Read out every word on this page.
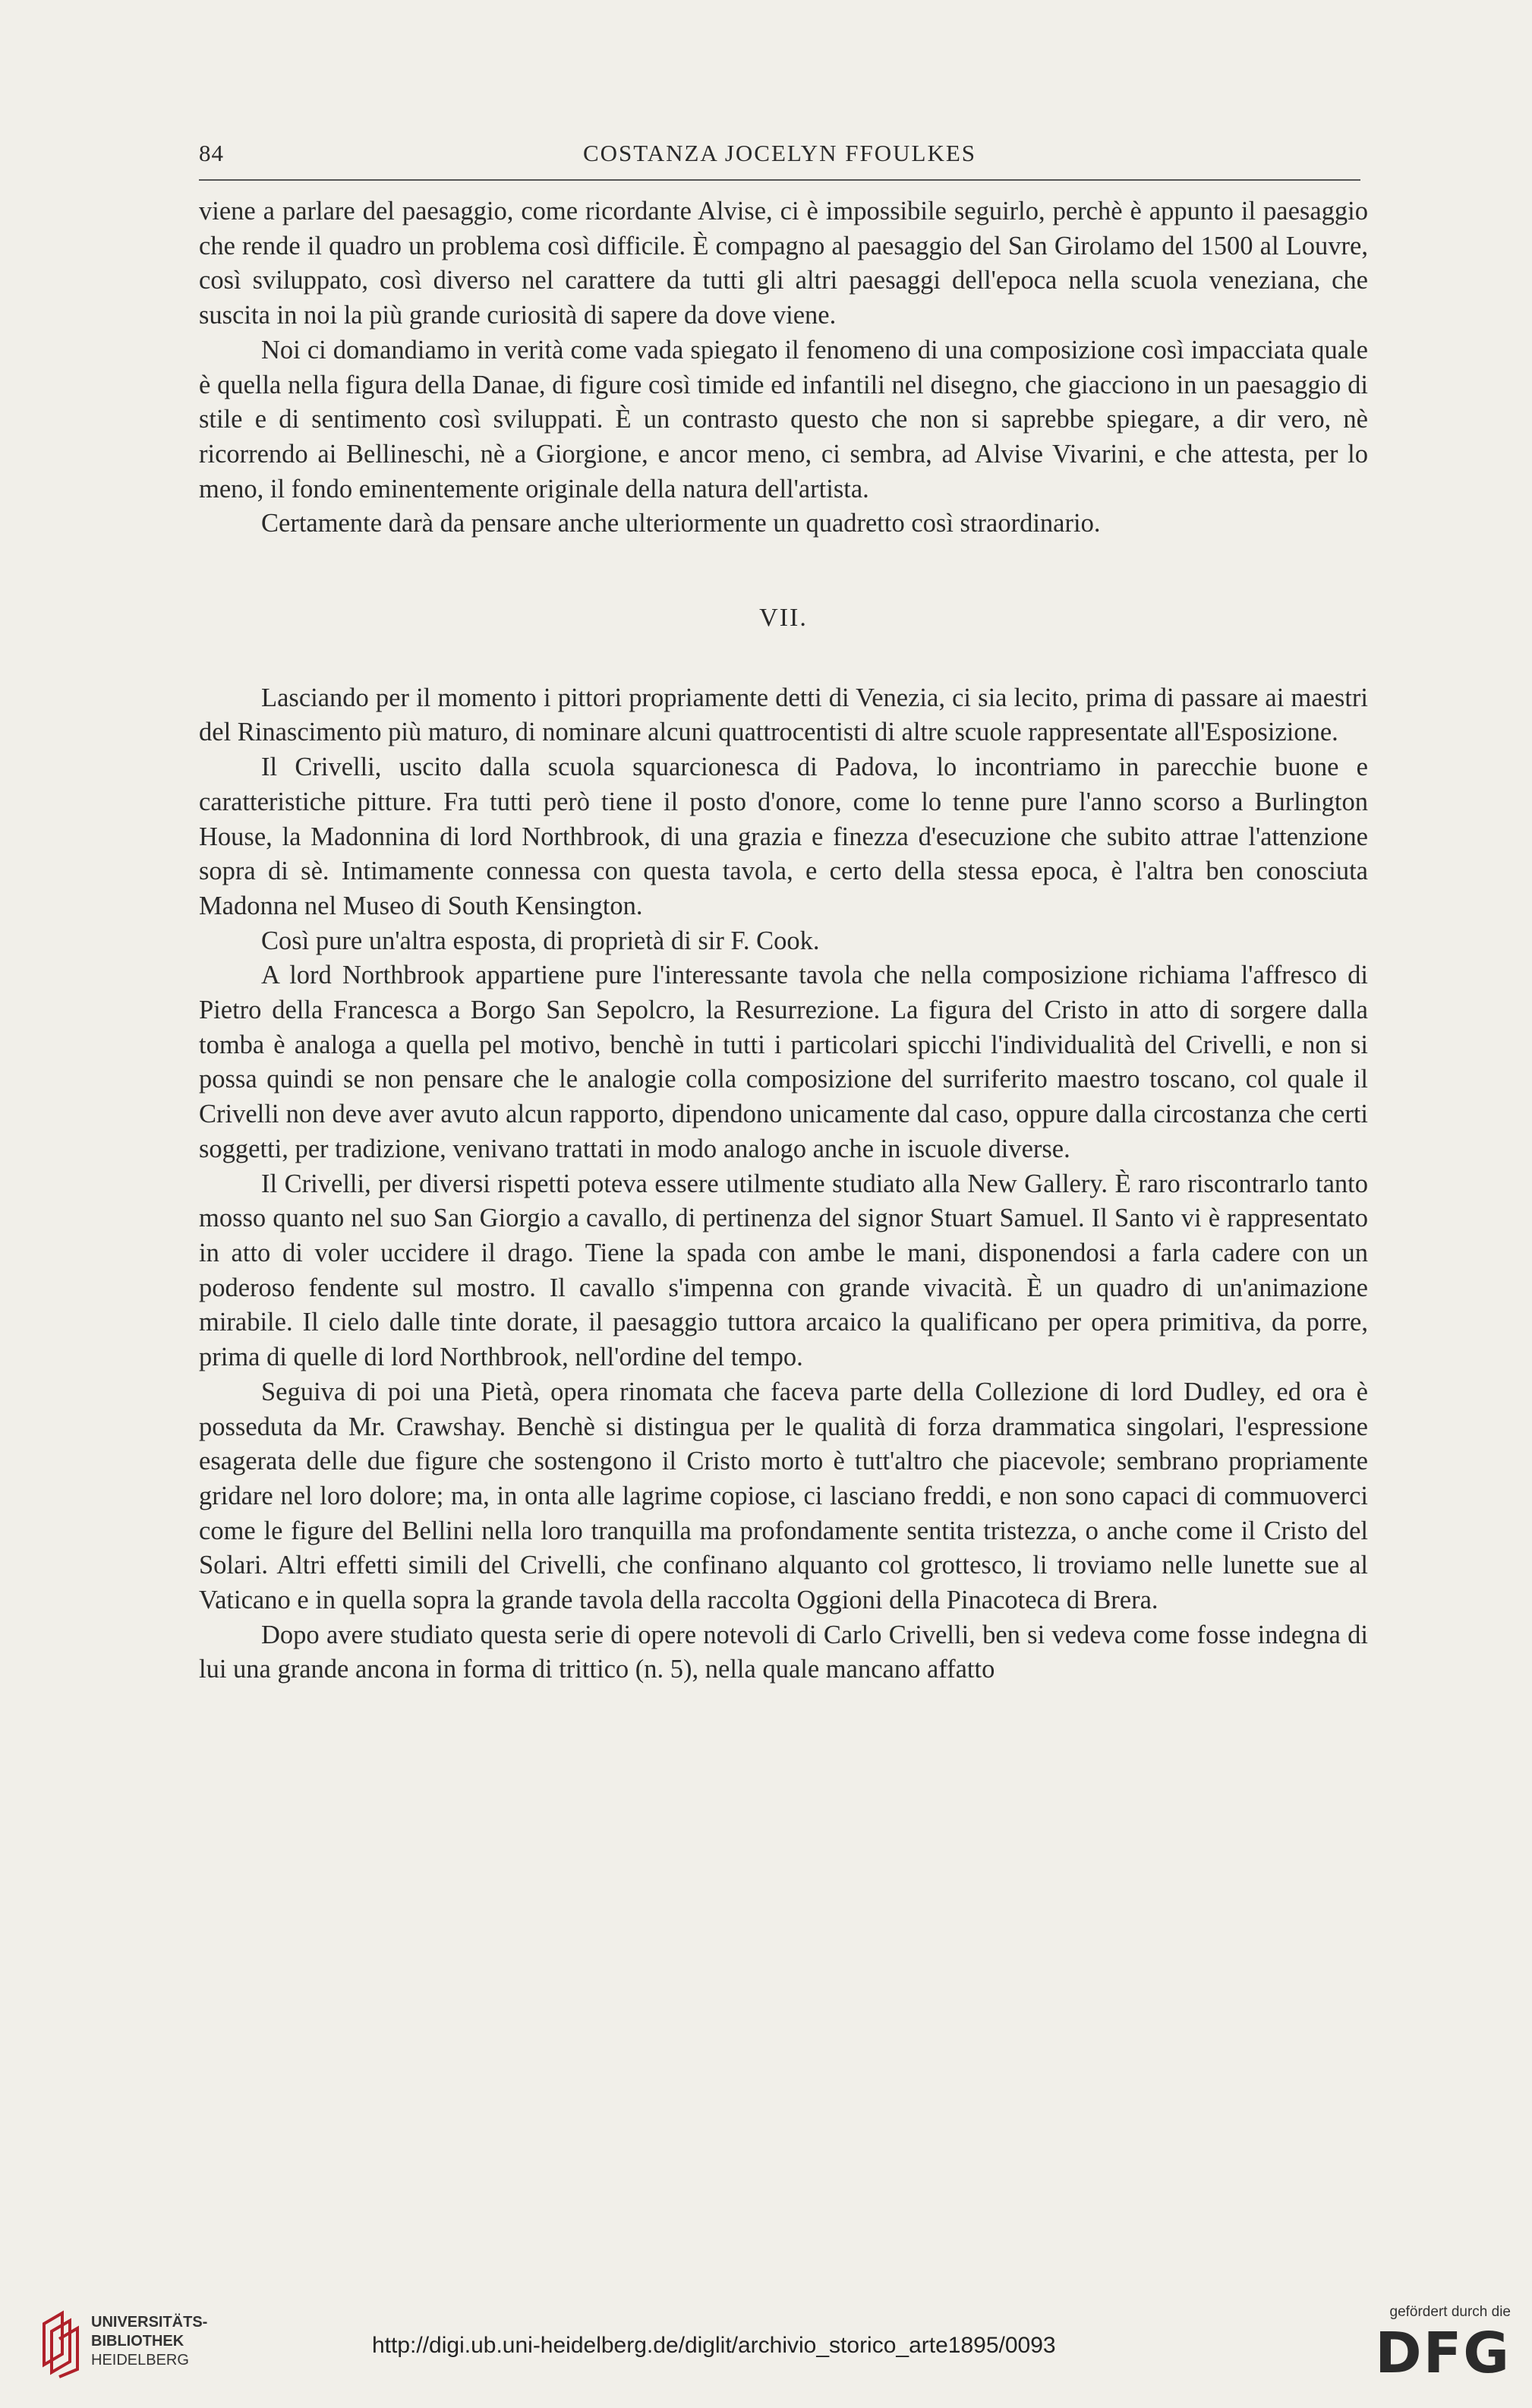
84	COSTANZA JOCELYN FFOULKES

viene a parlare del paesaggio, come ricordante Alvise, ci è impossibile seguirlo, perchè è appunto il paesaggio che rende il quadro un problema così difficile. È compagno al paesaggio del San Girolamo del 1500 al Louvre, così sviluppato, così diverso nel carattere da tutti gli altri paesaggi dell'epoca nella scuola veneziana, che suscita in noi la più grande curiosità di sapere da dove viene.

Noi ci domandiamo in verità come vada spiegato il fenomeno di una composizione così impacciata quale è quella nella figura della Danae, di figure così timide ed infantili nel disegno, che giacciono in un paesaggio di stile e di sentimento così sviluppati. È un contrasto questo che non si saprebbe spiegare, a dir vero, nè ricorrendo ai Bellineschi, nè a Giorgione, e ancor meno, ci sembra, ad Alvise Vivarini, e che attesta, per lo meno, il fondo eminentemente originale della natura dell'artista.

Certamente darà da pensare anche ulteriormente un quadretto così straordinario.

VII.

Lasciando per il momento i pittori propriamente detti di Venezia, ci sia lecito, prima di passare ai maestri del Rinascimento più maturo, di nominare alcuni quattrocentisti di altre scuole rappresentate all'Esposizione.

Il Crivelli, uscito dalla scuola squarcionesca di Padova, lo incontriamo in parecchie buone e caratteristiche pitture. Fra tutti però tiene il posto d'onore, come lo tenne pure l'anno scorso a Burlington House, la Madonnina di lord Northbrook, di una grazia e finezza d'esecuzione che subito attrae l'attenzione sopra di sè. Intimamente connessa con questa tavola, e certo della stessa epoca, è l'altra ben conosciuta Madonna nel Museo di South Kensington.

Così pure un'altra esposta, di proprietà di sir F. Cook.

A lord Northbrook appartiene pure l'interessante tavola che nella composizione richiama l'affresco di Pietro della Francesca a Borgo San Sepolcro, la Resurrezione. La figura del Cristo in atto di sorgere dalla tomba è analoga a quella pel motivo, benchè in tutti i particolari spicchi l'individualità del Crivelli, e non si possa quindi se non pensare che le analogie colla composizione del surriferito maestro toscano, col quale il Crivelli non deve aver avuto alcun rapporto, dipendono unicamente dal caso, oppure dalla circostanza che certi soggetti, per tradizione, venivano trattati in modo analogo anche in iscuole diverse.

Il Crivelli, per diversi rispetti poteva essere utilmente studiato alla New Gallery. È raro riscontrarlo tanto mosso quanto nel suo San Giorgio a cavallo, di pertinenza del signor Stuart Samuel. Il Santo vi è rappresentato in atto di voler uccidere il drago. Tiene la spada con ambe le mani, disponendosi a farla cadere con un poderoso fendente sul mostro. Il cavallo s'impenna con grande vivacità. È un quadro di un'animazione mirabile. Il cielo dalle tinte dorate, il paesaggio tuttora arcaico la qualificano per opera primitiva, da porre, prima di quelle di lord Northbrook, nell'ordine del tempo.

Seguiva di poi una Pietà, opera rinomata che faceva parte della Collezione di lord Dudley, ed ora è posseduta da Mr. Crawshay. Benchè si distingua per le qualità di forza drammatica singolari, l'espressione esagerata delle due figure che sostengono il Cristo morto è tutt'altro che piacevole; sembrano propriamente gridare nel loro dolore; ma, in onta alle lagrime copiose, ci lasciano freddi, e non sono capaci di commuoverci come le figure del Bellini nella loro tranquilla ma profondamente sentita tristezza, o anche come il Cristo del Solari. Altri effetti simili del Crivelli, che confinano alquanto col grottesco, li troviamo nelle lunette sue al Vaticano e in quella sopra la grande tavola della raccolta Oggioni della Pinacoteca di Brera.

Dopo avere studiato questa serie di opere notevoli di Carlo Crivelli, ben si vedeva come fosse indegna di lui una grande ancona in forma di trittico (n. 5), nella quale mancano affatto

UNIVERSITÄTS-
BIBLIOTHEK
HEIDELBERG
http://digi.ub.uni-heidelberg.de/diglit/archivio_storico_arte1895/0093
gefördert durch die
DFG
